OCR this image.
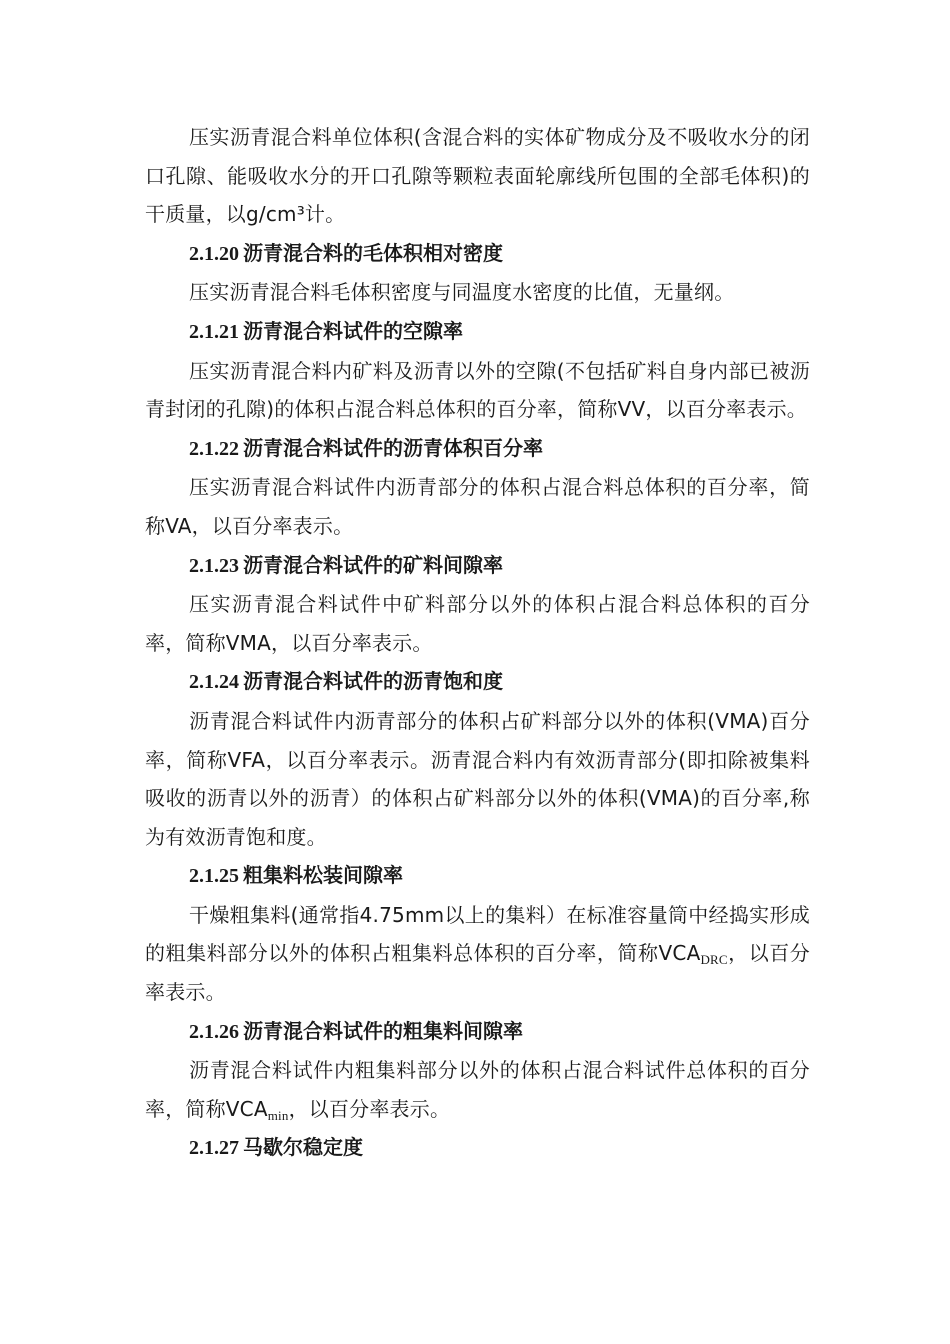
压实沥青混合料单位体积(含混合料的实体矿物成分及不吸收水分的闭口孔隙、能吸收水分的开口孔隙等颗粒表面轮廓线所包围的全部毛体积)的干质量，以g/cm³计。

2.1.20 沥青混合料的毛体积相对密度

压实沥青混合料毛体积密度与同温度水密度的比值，无量纲。

2.1.21 沥青混合料试件的空隙率

压实沥青混合料内矿料及沥青以外的空隙(不包括矿料自身内部已被沥青封闭的孔隙)的体积占混合料总体积的百分率，简称VV，以百分率表示。

2.1.22 沥青混合料试件的沥青体积百分率

压实沥青混合料试件内沥青部分的体积占混合料总体积的百分率，简称VA，以百分率表示。

2.1.23 沥青混合料试件的矿料间隙率

压实沥青混合料试件中矿料部分以外的体积占混合料总体积的百分率，简称VMA，以百分率表示。

2.1.24 沥青混合料试件的沥青饱和度

沥青混合料试件内沥青部分的体积占矿料部分以外的体积(VMA)百分率，简称VFA，以百分率表示。沥青混合料内有效沥青部分(即扣除被集料吸收的沥青以外的沥青）的体积占矿料部分以外的体积(VMA)的百分率,称为有效沥青饱和度。

2.1.25 粗集料松装间隙率

干燥粗集料(通常指4.75mm以上的集料）在标准容量筒中经捣实形成的粗集料部分以外的体积占粗集料总体积的百分率，简称$VCA_{DRC}$，以百分率表示。

2.1.26 沥青混合料试件的粗集料间隙率

沥青混合料试件内粗集料部分以外的体积占混合料试件总体积的百分率，简称$VCA_{min}$，以百分率表示。

2.1.27 马歇尔稳定度
